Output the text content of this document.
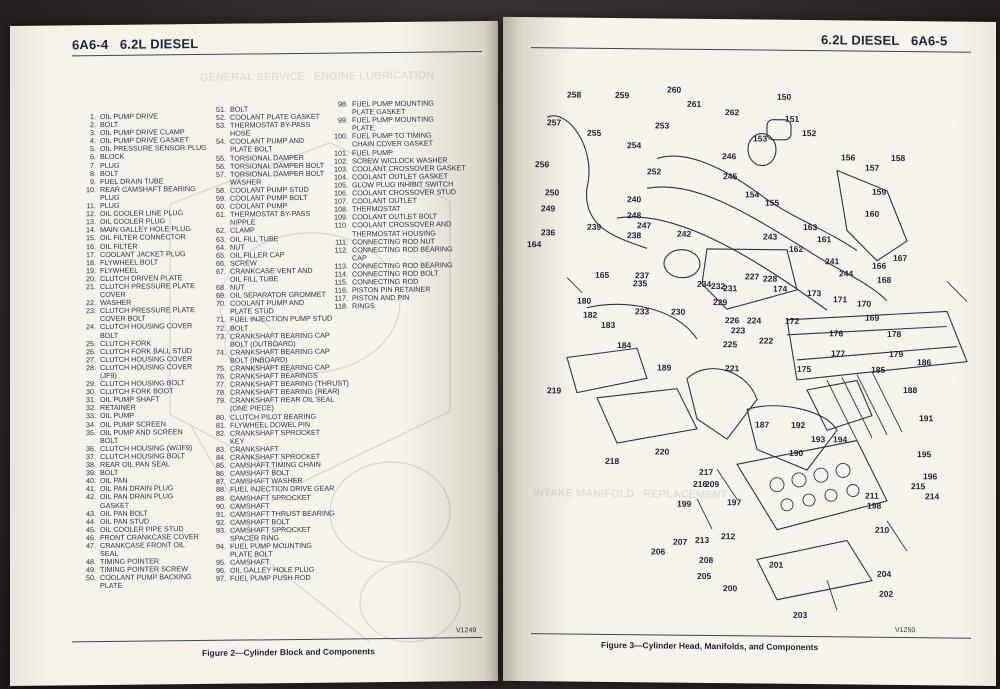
6A6-4 6.2L DIESEL
GENERAL SERVICE   ENGINE LUBRICATION
1. OIL PUMP DRIVE
2. BOLT
3. OIL PUMP DRIVE CLAMP
4. OIL PUMP DRIVE GASKET
5. OIL PRESSURE SENSOR PLUG
6. BLOCK
7. PLUG
8. BOLT
9. FUEL DRAIN TUBE
10. REAR CAMSHAFT BEARING
PLUG
11. PLUG
12. OIL COOLER LINE PLUG
13. OIL COOLER PLUG
14. MAIN GALLEY HOLE PLUG
15. OIL FILTER CONNECTOR
16. OIL FILTER
17. COOLANT JACKET PLUG
18. FLYWHEEL BOLT
19. FLYWHEEL
20. CLUTCH DRIVEN PLATE
21. CLUTCH PRESSURE PLATE
COVER
22. WASHER
23. CLUTCH PRESSURE PLATE
COVER BOLT
24. CLUTCH HOUSING COVER
BOLT
25. CLUTCH FORK
26. CLUTCH FORK BALL STUD
27. CLUTCH HOUSING COVER
28. CLUTCH HOUSING COVER
(JF9)
29. CLUTCH HOUSING BOLT
30. CLUTCH FORK BOOT
31. OIL PUMP SHAFT
32. RETAINER
33. OIL PUMP
34. OIL PUMP SCREEN
35. OIL PUMP AND SCREEN
BOLT
36. CLUTCH HOUSING (W/JF9)
37. CLUTCH HOUSING BOLT
38. REAR OIL PAN SEAL
39. BOLT
40. OIL PAN
41. OIL PAN DRAIN PLUG
42. OIL PAN DRAIN PLUG
GASKET
43. OIL PAN BOLT
44. OIL PAN STUD
45. OIL COOLER PIPE STUD
46. FRONT CRANKCASE COVER
47. CRANKCASE FRONT OIL
SEAL
48. TIMING POINTER
49. TIMING POINTER SCREW
50. COOLANT PUMP BACKING
PLATE
51. BOLT
52. COOLANT PLATE GASKET
53. THERMOSTAT BY-PASS
HOSE
54. COOLANT PUMP AND
PLATE BOLT
55. TORSIONAL DAMPER
56. TORSIONAL DAMPER BOLT
57. TORSIONAL DAMPER BOLT
WASHER
58. COOLANT PUMP STUD
59. COOLANT PUMP BOLT
60. COOLANT PUMP
61. THERMOSTAT BY-PASS
NIPPLE
62. CLAMP
63. OIL FILL TUBE
64. NUT
65. OIL FILLER CAP
66. SCREW
67. CRANKCASE VENT AND
OIL FILL TUBE
68. NUT
69. OIL SEPARATOR GROMMET
70. COOLANT PUMP AND
PLATE STUD
71. FUEL INJECTION PUMP STUD
72. BOLT
73. CRANKSHAFT BEARING CAP
BOLT (OUTBOARD)
74. CRANKSHAFT BEARING CAP
BOLT (INBOARD)
75. CRANKSHAFT BEARING CAP
76. CRANKSHAFT BEARINGS
77. CRANKSHAFT BEARING (THRUST)
78. CRANKSHAFT BEARING (REAR)
79. CRANKSHAFT REAR OIL SEAL
(ONE PIECE)
80. CLUTCH PILOT BEARING
81. FLYWHEEL DOWEL PIN
82. CRANKSHAFT SPROCKET
KEY
83. CRANKSHAFT
84. CRANKSHAFT SPROCKET
85. CAMSHAFT TIMING CHAIN
86. CAMSHAFT BOLT
87. CAMSHAFT WASHER
88. FUEL INJECTION DRIVE GEAR
89. CAMSHAFT SPROCKET
90. CAMSHAFT
91. CAMSHAFT THRUST BEARING
92. CAMSHAFT BOLT
93. CAMSHAFT SPROCKET
SPACER RING
94. FUEL PUMP MOUNTING
PLATE BOLT
95. CAMSHAFT
96. OIL GALLEY HOLE PLUG
97. FUEL PUMP PUSH ROD
98. FUEL PUMP MOUNTING
PLATE GASKET
99. FUEL PUMP MOUNTING
PLATE
100. FUEL PUMP TO TIMING
CHAIN COVER GASKET
101. FUEL PUMP
102. SCREW WICLOCK WASHER
103. COOLANT CROSSOVER GASKET
104. COOLANT OUTLET GASKET
105. GLOW PLUG INHIBIT SWITCH
106. COOLANT CROSSOVER STUD
107. COOLANT OUTLET
108. THERMOSTAT
109. COOLANT OUTLET BOLT
110. COOLANT CROSSOVER AND
THERMOSTAT HOUSING
111. CONNECTING ROD NUT
112. CONNECTING ROD BEARING
CAP
113. CONNECTING ROD BEARING
114. CONNECTING ROD BOLT
115. CONNECTING ROD
116. PISTON PIN RETAINER
117. PISTON AND PIN
118. RINGS
V1249
Figure 2—Cylinder Block and Components
6.2L DIESEL 6A6-5
INTAKE MANIFOLD   REPLACEMENT
258	259
260
257
255
254
253
261
262
150
151
152
153
256
252
246
245
156
157
158
250
249
248
240
247
154
155
159
160
236
239
238	242	243
163
161
162
164
165	237
232
241
244
166
167
180
182
235	234 231
228
227
174 173
171
168
183
233	230
229
226 224	172
170
169
178
184	225
223
222
176
179
186
189	221	175
177
185
219
218
220
217
216
190
192
187
188
191
193 194
195
196
215
214
209
199	197	198
210
211
212
213
207
206
208
205
200
201
204
202
203
V1250
Figure 3—Cylinder Head, Manifolds, and Components
